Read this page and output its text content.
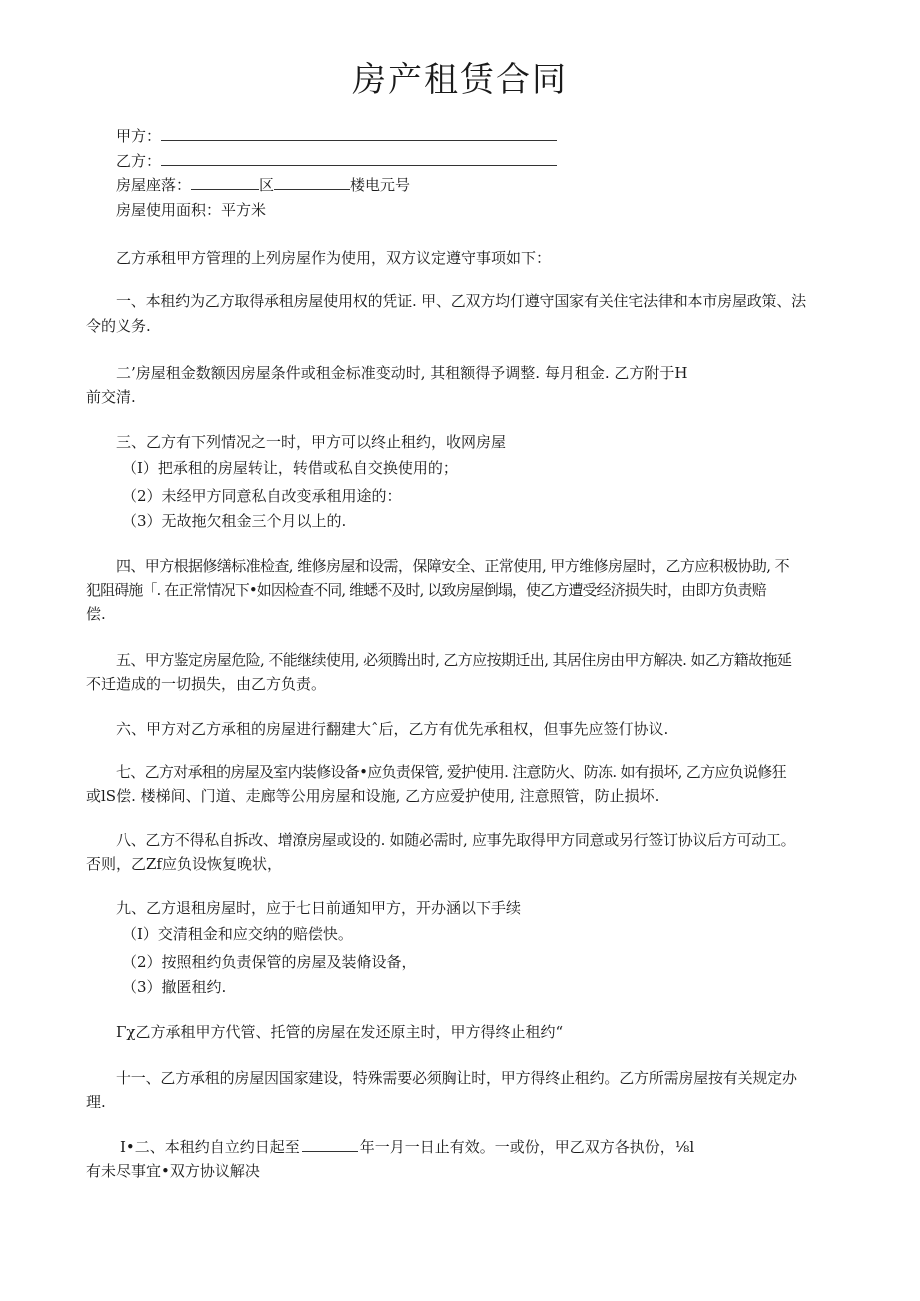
房产租赁合同
甲方：
乙方：
房屋座落：	区	楼电元号
房屋使用面积：平方米
乙方承租甲方管理的上列房屋作为使用，双方议定遵守事项如下：
一、本租约为乙方取得承租房屋使用权的凭证. 甲、乙双方均仃遵守国家有关住宅法律和本市房屋政策、法
令的义务.
二’房屋租金数额因房屋条件或租金标准变动时, 其租额得予调整. 每月租金. 乙方附于H
前交清.
三、乙方有下列情况之一时，甲方可以终止租约，收网房屋
（I）把承租的房屋转让，转借或私自交换使用的；
（2）未经甲方同意私自改变承租用途的：
（3）无故拖欠租金三个月以上的.
四、甲方根据修缮标准检查, 维修房屋和设需，保障安全、正常使用, 甲方维修房屋时，乙方应积极协助, 不
犯阻碍施「. 在正常情况下•如因检查不同, 维蟋不及时, 以致房屋倒塌，使乙方遭受经济损失时，由即方负责赔
偿.
五、甲方鉴定房屋危险, 不能继续使用, 必须腾出时, 乙方应按期迁出, 其居住房由甲方解决. 如乙方籍故拖延
不迁造成的一切损失，由乙方负责。
六、甲方对乙方承租的房屋进行翻建大ˆ后，乙方有优先承租权，但事先应签仃协议.
七、乙方对承租的房屋及室内装修设备•应负责保管, 爱护使用. 注意防火、防冻. 如有损坏, 乙方应负说修狂
或lS偿. 楼梯间、门道、走廊等公用房屋和设施, 乙方应爱护使用, 注意照管，防止损坏.
八、乙方不得私自拆改、增潦房屋或设的. 如随必需时, 应事先取得甲方同意或另行签订协议后方可动工。
否则，乙Zf应负设恢复晚状，
九、乙方退租房屋时，应于七日前通知甲方，开办涵以下手续
（I）交清租金和应交纳的赔偿快。
（2）按照租约负责保管的房屋及装脩设备，
（3）撤匿租约.
Γχ乙方承租甲方代管、托管的房屋在发还原主时，甲方得终止租约“
十一、乙方承租的房屋因国家建设，特殊需要必须胸让时，甲方得终止租约。乙方所需房屋按有关规定办
理.
I•二、本租约自立约日起至	年一月一日止有效。一或份，甲乙双方各执份，⅛l
有未尽事宜•双方协议解决
